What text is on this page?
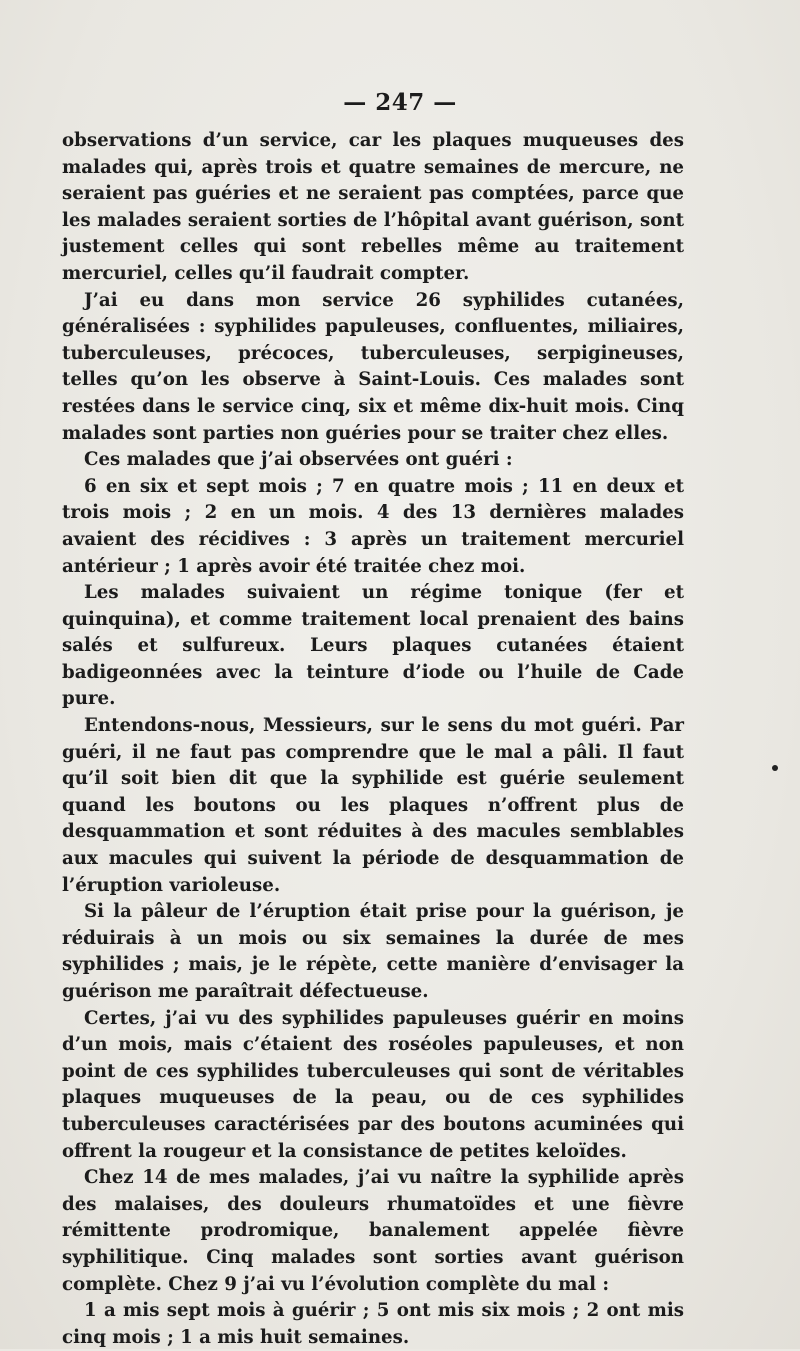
— 247 —

observations d’un service, car les plaques muqueuses des malades qui, après trois et quatre semaines de mercure, ne seraient pas guéries et ne seraient pas comptées, parce que les malades seraient sorties de l’hôpital avant guérison, sont justement celles qui sont rebelles même au traitement mercuriel, celles qu’il faudrait compter.

J’ai eu dans mon service 26 syphilides cutanées, généralisées : syphilides papuleuses, confluentes, miliaires, tuberculeuses, précoces, tuberculeuses, serpigineuses, telles qu’on les observe à Saint-Louis. Ces malades sont restées dans le service cinq, six et même dix-huit mois. Cinq malades sont parties non guéries pour se traiter chez elles.

Ces malades que j’ai observées ont guéri :

6 en six et sept mois ; 7 en quatre mois ; 11 en deux et trois mois ; 2 en un mois. 4 des 13 dernières malades avaient des récidives : 3 après un traitement mercuriel antérieur ; 1 après avoir été traitée chez moi.

Les malades suivaient un régime tonique (fer et quinquina), et comme traitement local prenaient des bains salés et sulfureux. Leurs plaques cutanées étaient badigeonnées avec la teinture d’iode ou l’huile de Cade pure.

Entendons-nous, Messieurs, sur le sens du mot guéri. Par guéri, il ne faut pas comprendre que le mal a pâli. Il faut qu’il soit bien dit que la syphilide est guérie seulement quand les boutons ou les plaques n’offrent plus de desquammation et sont réduites à des macules semblables aux macules qui suivent la période de desquammation de l’éruption varioleuse.

Si la pâleur de l’éruption était prise pour la guérison, je réduirais à un mois ou six semaines la durée de mes syphilides ; mais, je le répète, cette manière d’envisager la guérison me paraîtrait défectueuse.

Certes, j’ai vu des syphilides papuleuses guérir en moins d’un mois, mais c’étaient des roséoles papuleuses, et non point de ces syphilides tuberculeuses qui sont de véritables plaques muqueuses de la peau, ou de ces syphilides tuberculeuses caractérisées par des boutons acuminées qui offrent la rougeur et la consistance de petites keloïdes.

Chez 14 de mes malades, j’ai vu naître la syphilide après des malaises, des douleurs rhumatoïdes et une fièvre rémittente prodromique, banalement appelée fièvre syphilitique. Cinq malades sont sorties avant guérison complète. Chez 9 j’ai vu l’évolution complète du mal :

1 a mis sept mois à guérir ; 5 ont mis six mois ; 2 ont mis cinq mois ; 1 a mis huit semaines.
